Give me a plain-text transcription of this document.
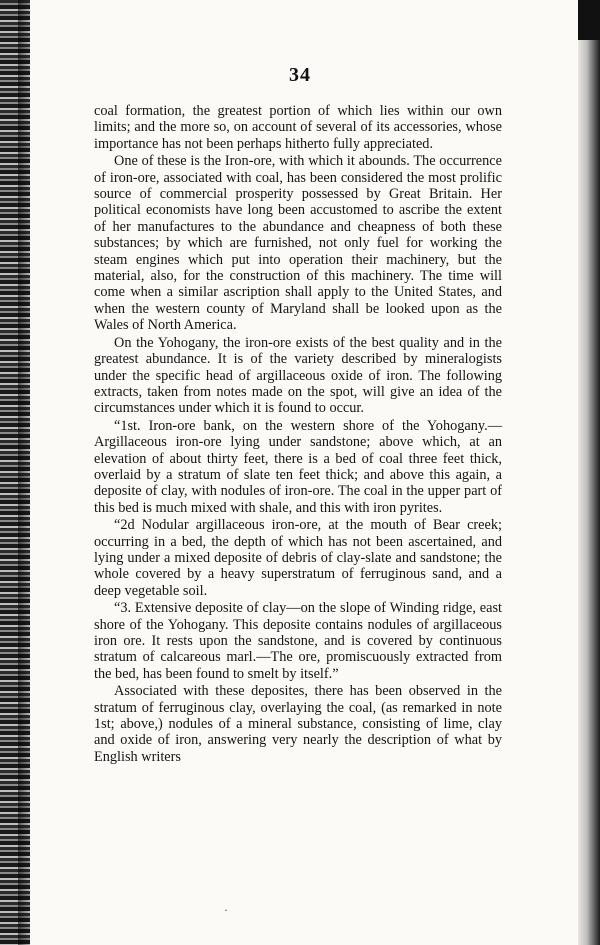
34

coal formation, the greatest portion of which lies within our own limits; and the more so, on account of several of its accessories, whose importance has not been perhaps hitherto fully appreciated.

One of these is the Iron-ore, with which it abounds. The occurrence of iron-ore, associated with coal, has been considered the most prolific source of commercial prosperity possessed by Great Britain. Her political economists have long been accustomed to ascribe the extent of her manufactures to the abundance and cheapness of both these substances; by which are furnished, not only fuel for working the steam engines which put into operation their machinery, but the material, also, for the construction of this machinery. The time will come when a similar ascription shall apply to the United States, and when the western county of Maryland shall be looked upon as the Wales of North America.

On the Yohogany, the iron-ore exists of the best quality and in the greatest abundance. It is of the variety described by mineralogists under the specific head of argillaceous oxide of iron. The following extracts, taken from notes made on the spot, will give an idea of the circumstances under which it is found to occur.

“1st. Iron-ore bank, on the western shore of the Yohogany.—Argillaceous iron-ore lying under sandstone; above which, at an elevation of about thirty feet, there is a bed of coal three feet thick, overlaid by a stratum of slate ten feet thick; and above this again, a deposite of clay, with nodules of iron-ore. The coal in the upper part of this bed is much mixed with shale, and this with iron pyrites.

“2d Nodular argillaceous iron-ore, at the mouth of Bear creek; occurring in a bed, the depth of which has not been ascertained, and lying under a mixed deposite of debris of clay-slate and sandstone; the whole covered by a heavy superstratum of ferruginous sand, and a deep vegetable soil.

“3. Extensive deposite of clay—on the slope of Winding ridge, east shore of the Yohogany. This deposite contains nodules of argillaceous iron ore. It rests upon the sandstone, and is covered by continuous stratum of calcareous marl.—The ore, promiscuously extracted from the bed, has been found to smelt by itself.”

Associated with these deposites, there has been observed in the stratum of ferruginous clay, overlaying the coal, (as remarked in note 1st; above,) nodules of a mineral substance, consisting of lime, clay and oxide of iron, answering very nearly the description of what by English writers

·
